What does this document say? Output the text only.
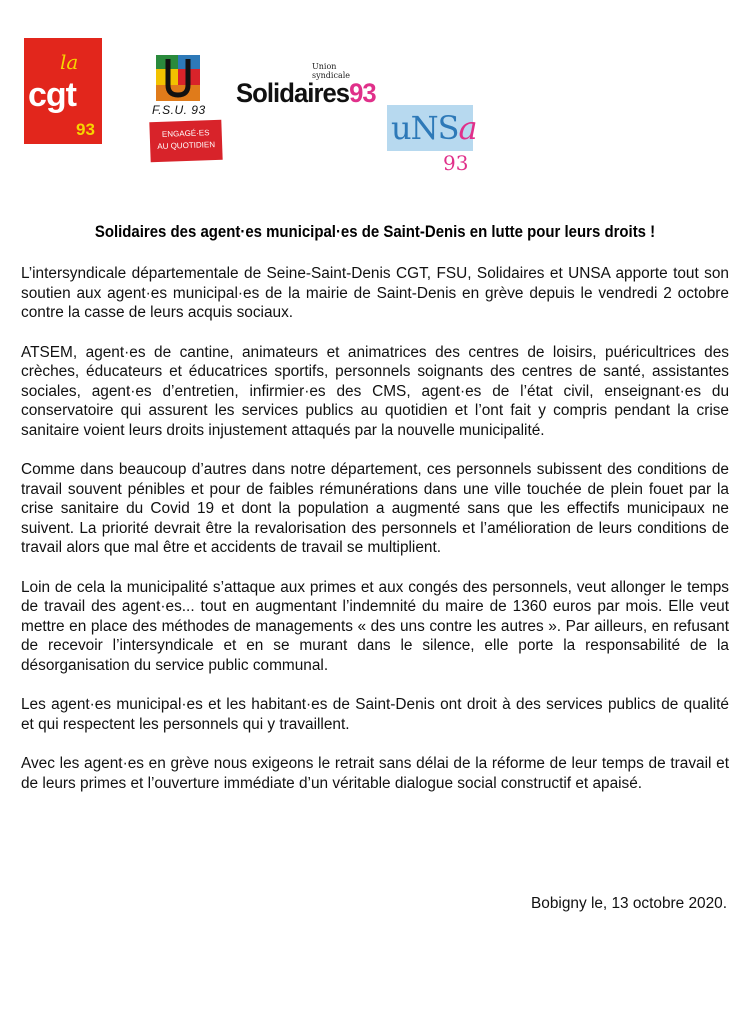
la
cgt
93
F.S.U. 93
ENGAGÉ·ES
AU QUOTIDIEN
Union
syndicale
Solidaires93
uNSa
93
Solidaires des agent·es municipal·es de Saint-Denis en lutte pour leurs droits !

L’intersyndicale départementale de Seine-Saint-Denis CGT, FSU, Solidaires et UNSA apporte tout son soutien aux agent·es municipal·es de la mairie de Saint-Denis en grève depuis le vendredi 2 octobre contre la casse de leurs acquis sociaux.

ATSEM, agent·es de cantine, animateurs et animatrices des centres de loisirs, puéricultrices des crèches, éducateurs et éducatrices sportifs, personnels soignants des centres de santé, assistantes sociales, agent·es d’entretien, infirmier·es des CMS, agent·es de l’état civil, enseignant·es du conservatoire qui assurent les services publics au quotidien et l’ont fait y compris pendant la crise sanitaire voient leurs droits injustement attaqués par la nouvelle municipalité.

Comme dans beaucoup d’autres dans notre département, ces personnels subissent des conditions de travail souvent pénibles et pour de faibles rémunérations dans une ville touchée de plein fouet par la crise sanitaire du Covid 19 et dont la population a augmenté sans que les effectifs municipaux ne suivent. La priorité devrait être la revalorisation des personnels et l’amélioration de leurs conditions de travail alors que mal être et accidents de travail se multiplient.

Loin de cela la municipalité s’attaque aux primes et aux congés des personnels, veut allonger le temps de travail des agent·es... tout en augmentant l’indemnité du maire de 1360 euros par mois. Elle veut mettre en place des méthodes de managements « des uns contre les autres ». Par ailleurs, en refusant de recevoir l’intersyndicale et en se murant dans le silence, elle porte la responsabilité de la désorganisation du service public communal.

Les agent·es municipal·es et les habitant·es de Saint-Denis ont droit à des services publics de qualité et qui respectent les personnels qui y travaillent.

Avec les agent·es en grève nous exigeons le retrait sans délai de la réforme de leur temps de travail et de leurs primes et l’ouverture immédiate d’un véritable dialogue social constructif et apaisé.

Bobigny le, 13 octobre 2020.
